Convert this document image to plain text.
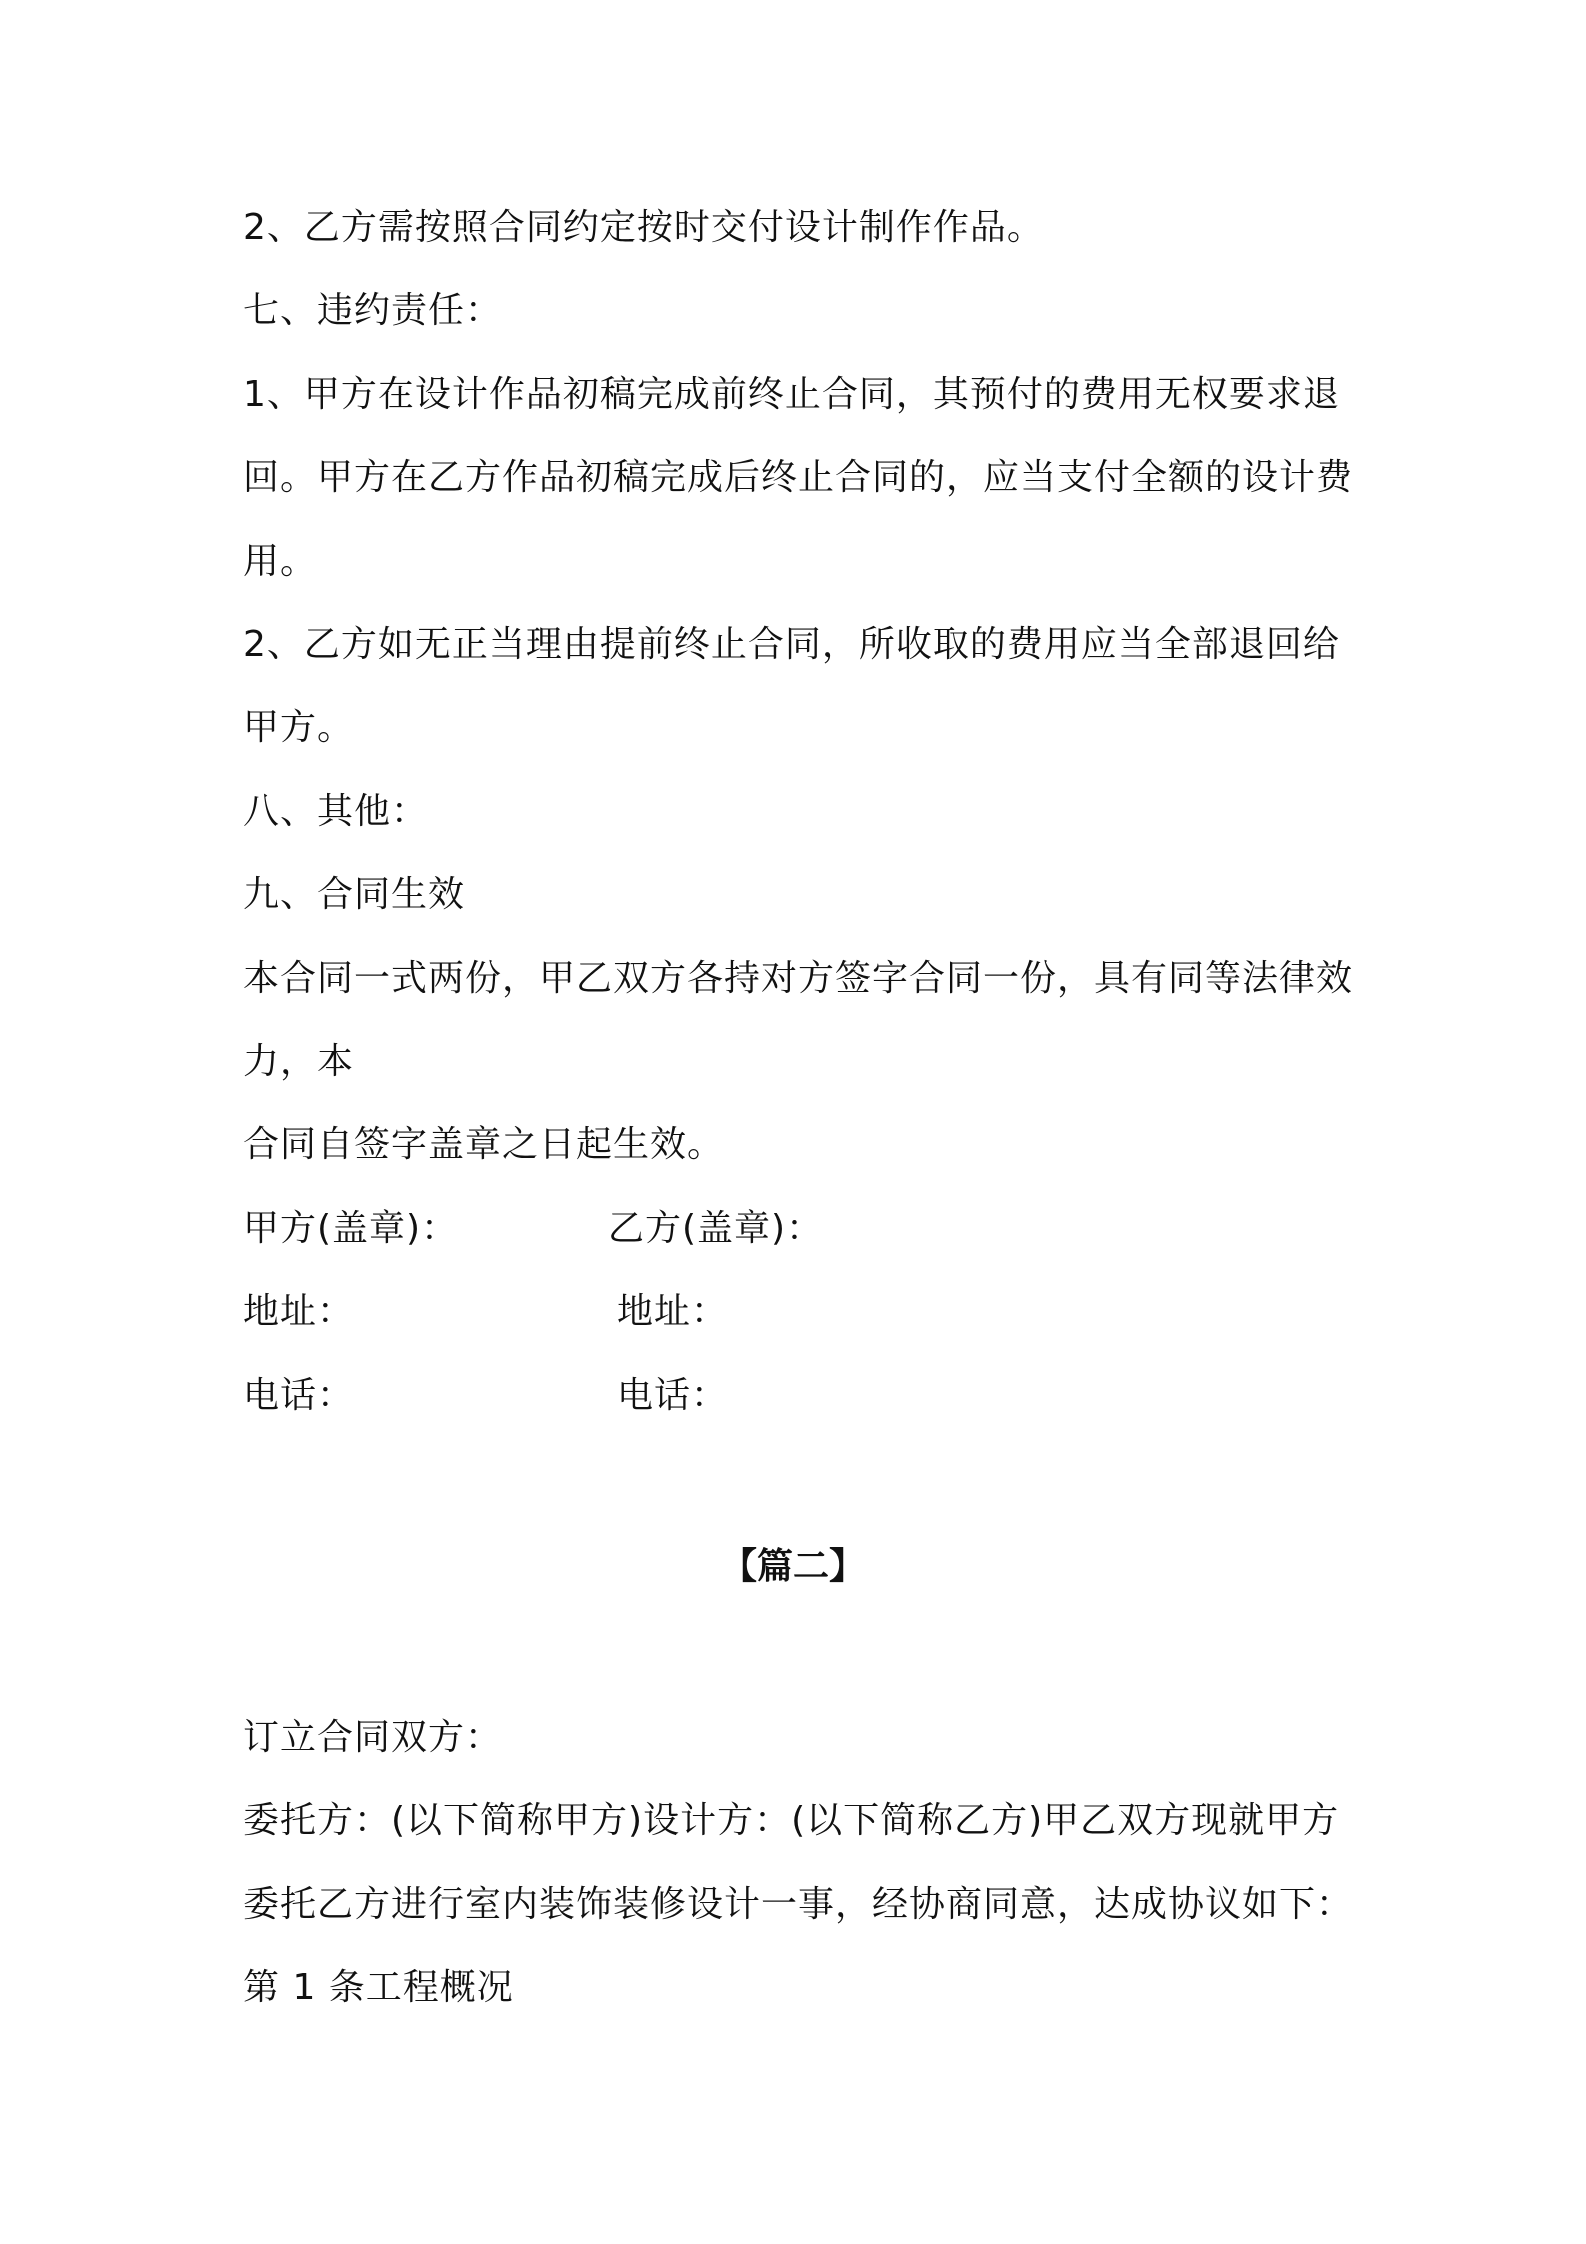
2、乙方需按照合同约定按时交付设计制作作品。
七、违约责任：
1、甲方在设计作品初稿完成前终止合同，其预付的费用无权要求退
回。甲方在乙方作品初稿完成后终止合同的，应当支付全额的设计费
用。
2、乙方如无正当理由提前终止合同，所收取的费用应当全部退回给
甲方。
八、其他：
九、合同生效
本合同一式两份，甲乙双方各持对方签字合同一份，具有同等法律效
力，本
合同自签字盖章之日起生效。
甲方(盖章)：	乙方(盖章)：
地址：	地址：
电话：	电话：
【篇二】
订立合同双方：
委托方：(以下简称甲方)设计方：(以下简称乙方)甲乙双方现就甲方
委托乙方进行室内装饰装修设计一事，经协商同意，达成协议如下：
第 1 条工程概况
